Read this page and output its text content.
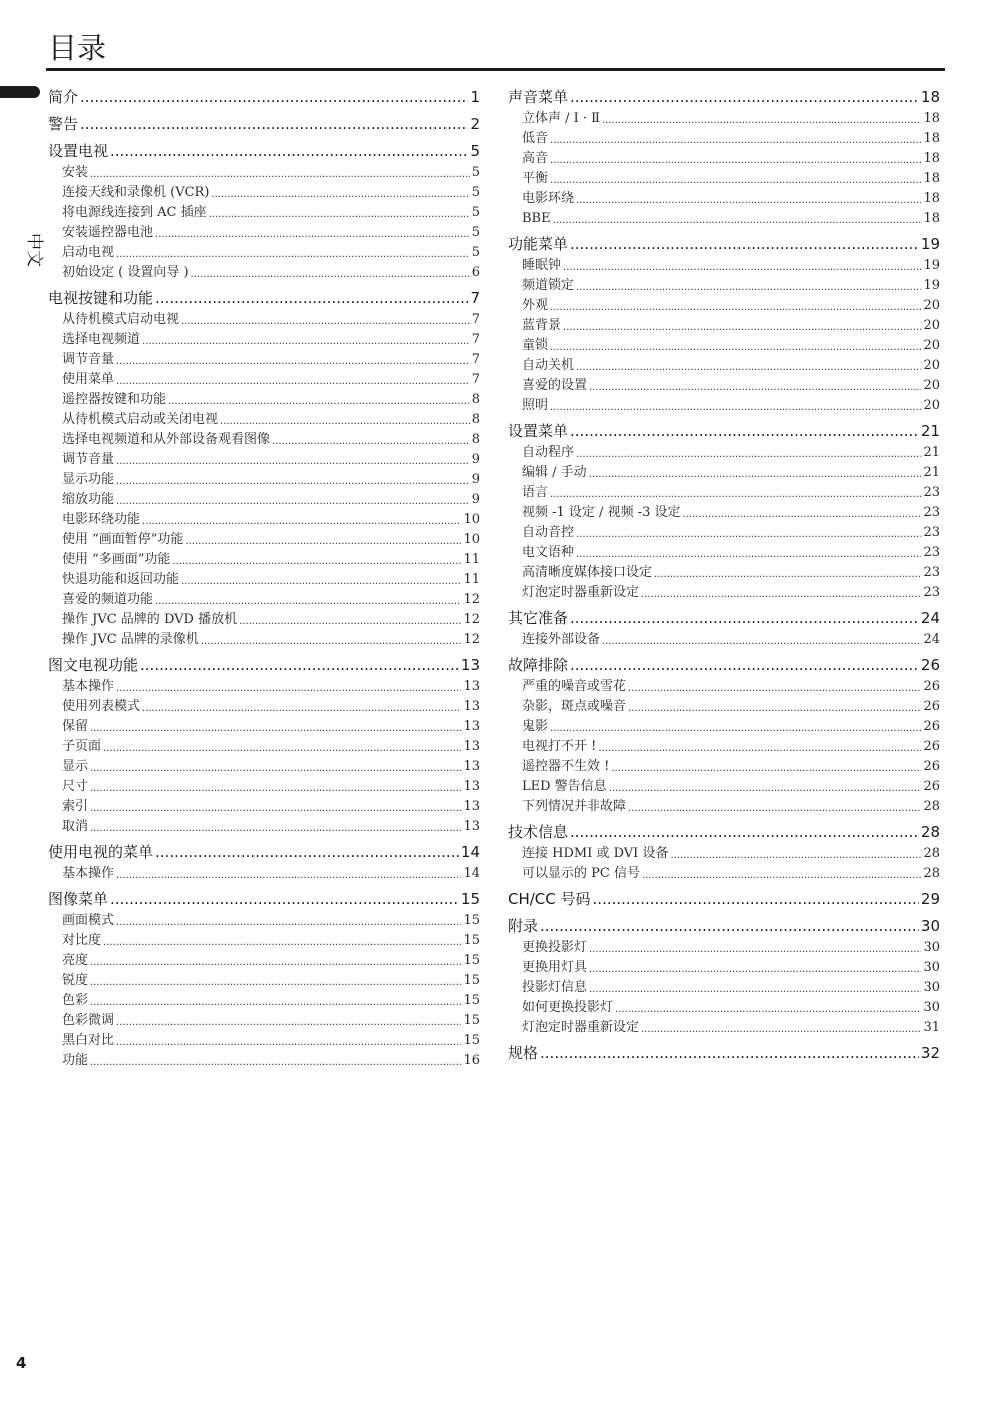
目录
中文
简介 .....	1
警告 .....	2
设置电视 .....	5
安装 .....	5
连接天线和录像机 (VCR) .....	5
将电源线连接到 AC 插座 .....	5
安装遥控器电池 .....	5
启动电视 .....	5
初始设定 ( 设置向导 ) .....	6
电视按键和功能 .....	7
从待机模式启动电视 .....	7
选择电视频道 .....	7
调节音量 .....	7
使用菜单 .....	7
遥控器按键和功能 .....	8
从待机模式启动或关闭电视 .....	8
选择电视频道和从外部设备观看图像 .....	8
调节音量 .....	9
显示功能 .....	9
缩放功能 .....	9
电影环绕功能 .....	10
使用 “画面暂停”功能 .....	10
使用 “多画面”功能 .....	11
快退功能和返回功能 .....	11
喜爱的频道功能 .....	12
操作 JVC 品牌的 DVD 播放机 .....	12
操作 JVC 品牌的录像机 .....	12
图文电视功能 .....	13
基本操作 .....	13
使用列表模式 .....	13
保留 .....	13
子页面 .....	13
显示 .....	13
尺寸 .....	13
索引 .....	13
取消 .....	13
使用电视的菜单 .....	14
基本操作 .....	14
图像菜单 .....	15
画面模式 .....	15
对比度 .....	15
亮度 .....	15
锐度 .....	15
色彩 .....	15
色彩微调 .....	15
黑白对比 .....	15
功能 .....	16
声音菜单 .....	18
立体声 / Ⅰ · Ⅱ .....	18
低音 .....	18
高音 .....	18
平衡 .....	18
电影环绕 .....	18
BBE .....	18
功能菜单 .....	19
睡眠钟 .....	19
频道锁定 .....	19
外观 .....	20
蓝背景 .....	20
童锁 .....	20
自动关机 .....	20
喜爱的设置 .....	20
照明 .....	20
设置菜单 .....	21
自动程序 .....	21
编辑 / 手动 .....	21
语言 .....	23
视频 -1 设定 / 视频 -3 设定 .....	23
自动音控 .....	23
电文语种 .....	23
高清晰度媒体接口设定 .....	23
灯泡定时器重新设定 .....	23
其它准备 .....	24
连接外部设备 .....	24
故障排除 .....	26
严重的噪音或雪花 .....	26
杂影，斑点或噪音 .....	26
鬼影 .....	26
电视打不开 ! .....	26
遥控器不生效 ! .....	26
LED 警告信息 .....	26
下列情况并非故障 .....	28
技术信息 .....	28
连接 HDMI 或 DVI 设备 .....	28
可以显示的 PC 信号 .....	28
CH/CC 号码 .....	29
附录 .....	30
更换投影灯 .....	30
更换用灯具 .....	30
投影灯信息 .....	30
如何更换投影灯 .....	30
灯泡定时器重新设定 .....	31
规格 .....	32
4
